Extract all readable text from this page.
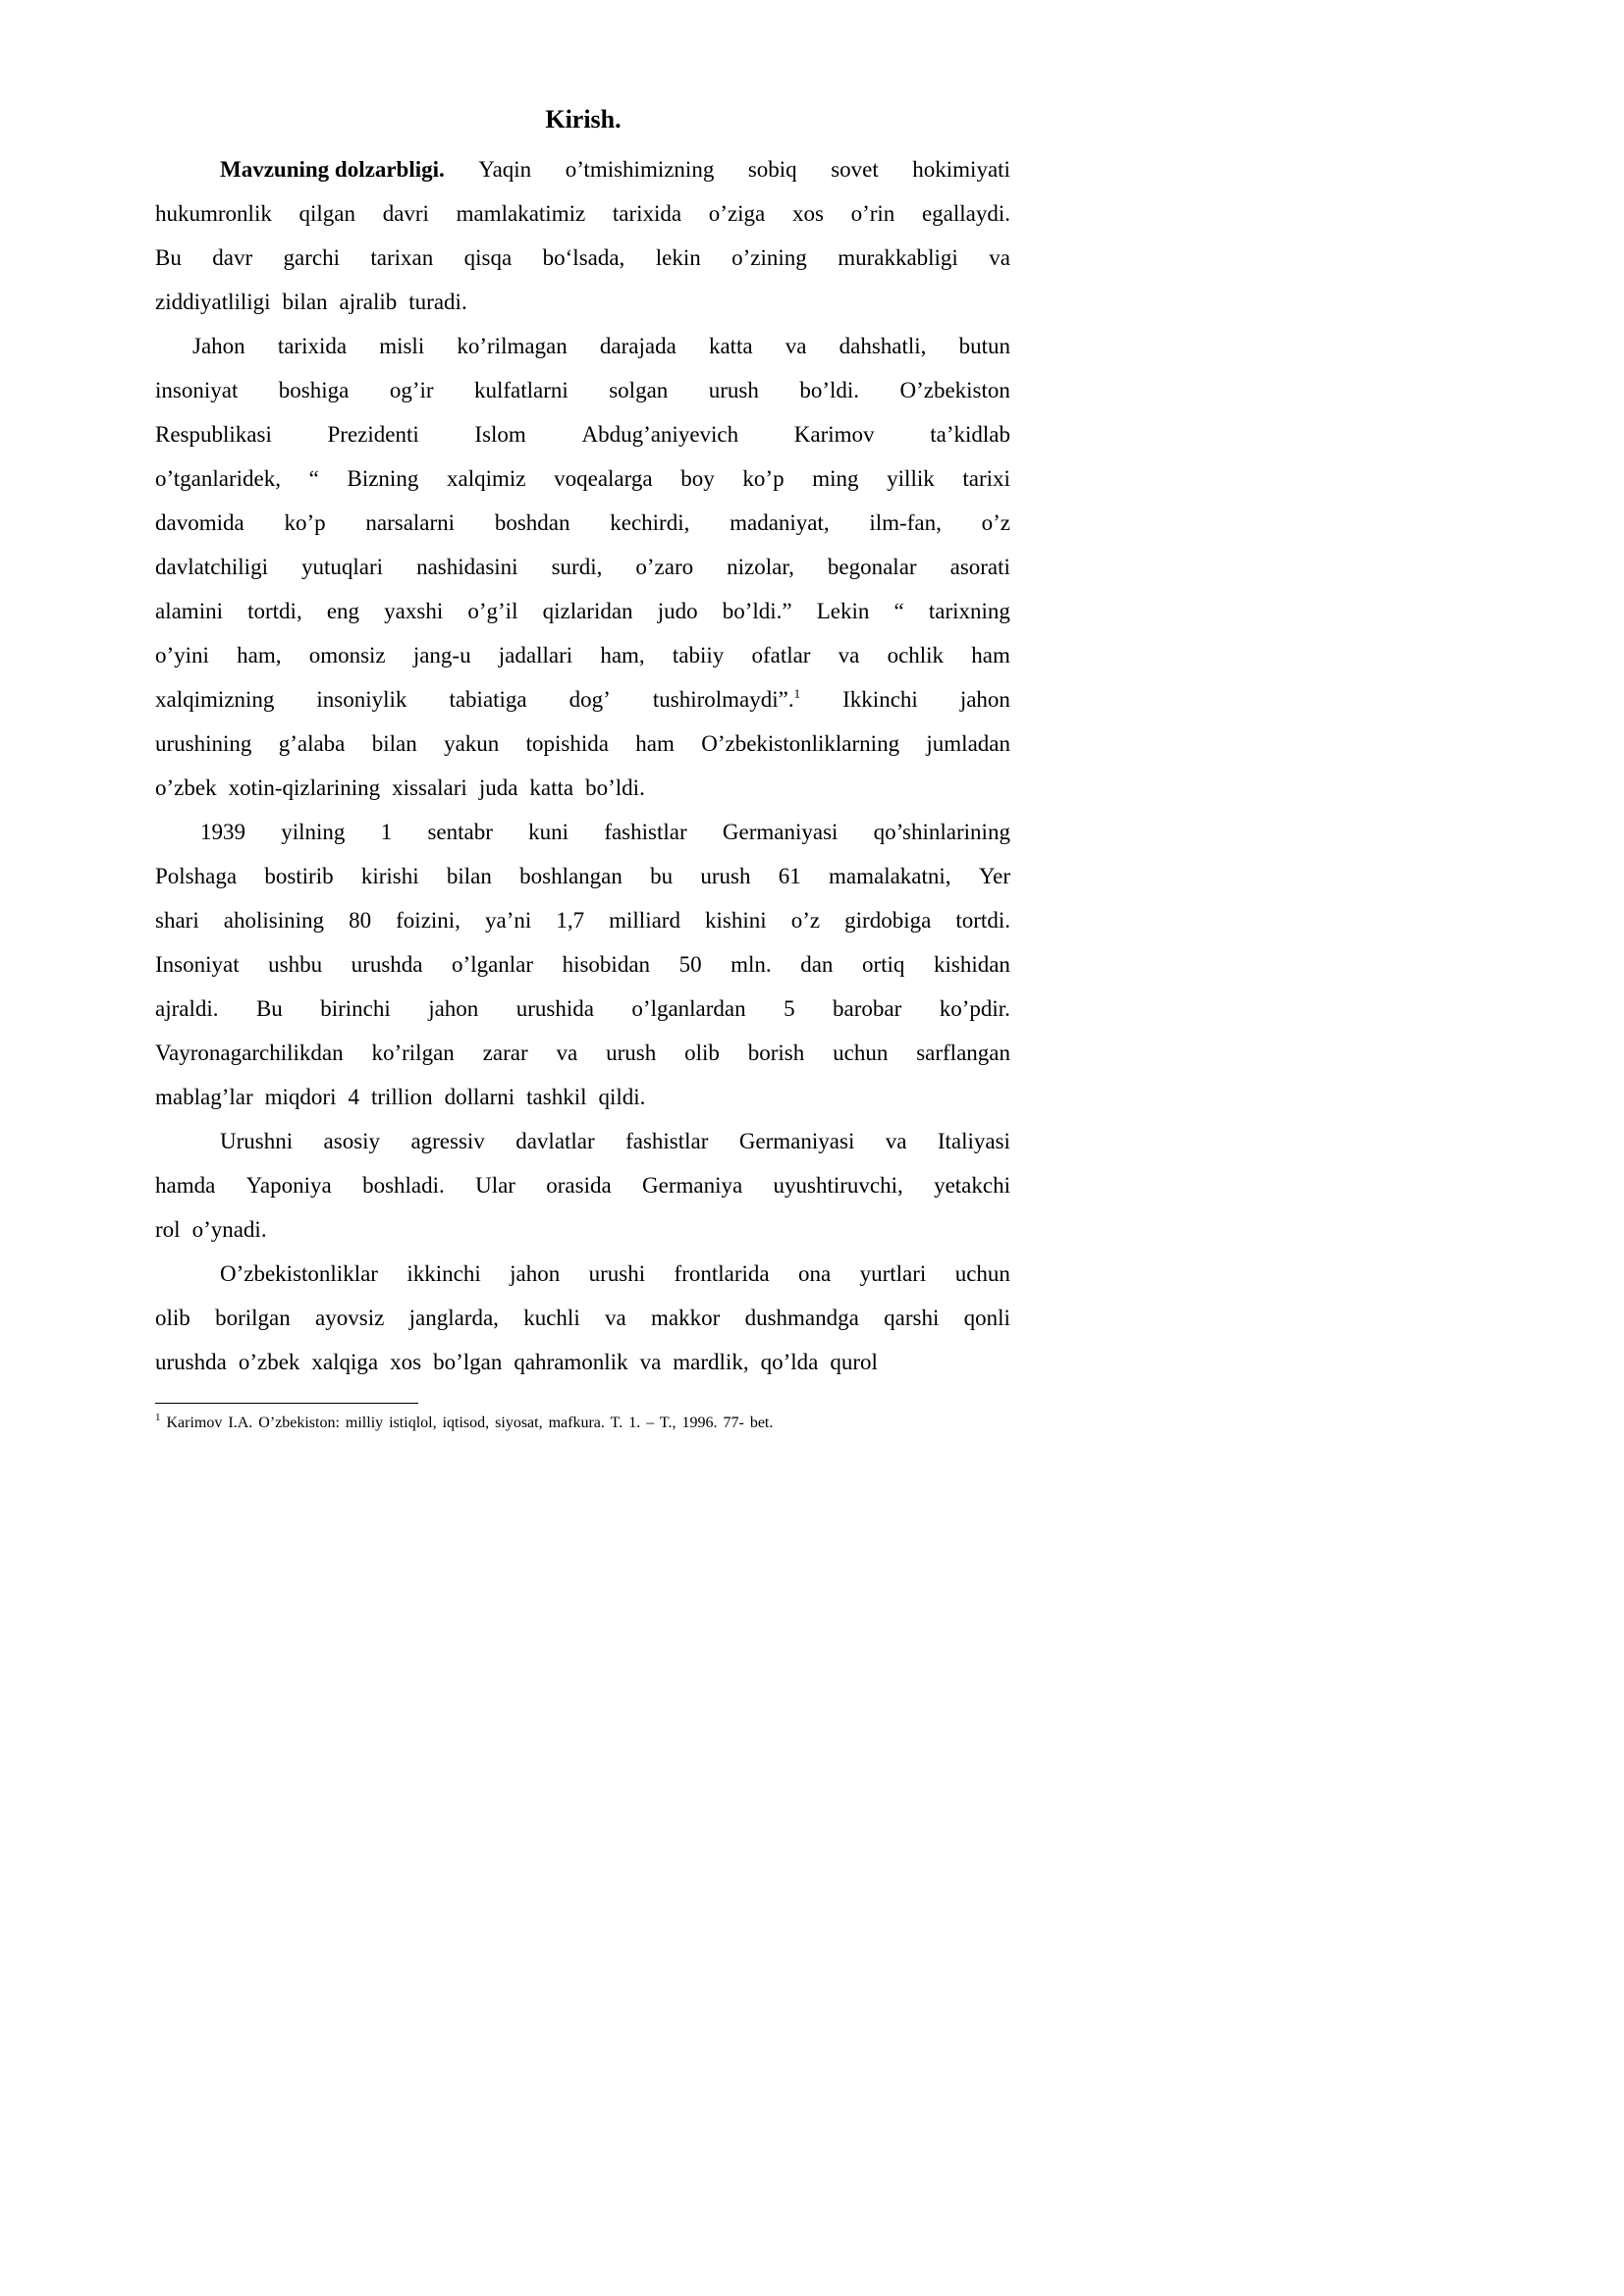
Kirish.
Mavzuning dolzarbligi. Yaqin o’tmishimizning sobiq sovet hokimiyati
hukumronlik qilgan davri mamlakatimiz tarixida o’ziga xos o’rin egallaydi.
Bu davr garchi tarixan qisqa bo‘lsada, lekin o’zining murakkabligi va
ziddiyatliligi bilan ajralib turadi.
Jahon tarixida misli ko’rilmagan darajada katta va dahshatli, butun
insoniyat boshiga og’ir kulfatlarni solgan urush bo’ldi. O’zbekiston
Respublikasi Prezidenti Islom Abdug’aniyevich Karimov ta’kidlab
o’tganlaridek, “ Bizning xalqimiz voqealarga boy ko’p ming yillik tarixi
davomida ko’p narsalarni boshdan kechirdi, madaniyat, ilm-fan, o’z
davlatchiligi yutuqlari nashidasini surdi, o’zaro nizolar, begonalar asorati
alamini tortdi, eng yaxshi o’g’il qizlaridan judo bo’ldi.” Lekin “ tarixning
o’yini ham, omonsiz jang-u jadallari ham, tabiiy ofatlar va ochlik ham
xalqimizning insoniylik tabiatiga dog’ tushirolmaydi”.$^1$ Ikkinchi jahon
urushining g’alaba bilan yakun topishida ham O’zbekistonliklarning jumladan
o’zbek xotin-qizlarining xissalari juda katta bo’ldi.
1939 yilning 1 sentabr kuni fashistlar Germaniyasi qo’shinlarining
Polshaga bostirib kirishi bilan boshlangan bu urush 61 mamalakatni, Yer
shari aholisining 80 foizini, ya’ni 1,7 milliard kishini o’z girdobiga tortdi.
Insoniyat ushbu urushda o’lganlar hisobidan 50 mln. dan ortiq kishidan
ajraldi. Bu birinchi jahon urushida o’lganlardan 5 barobar ko’pdir.
Vayronagarchilikdan ko’rilgan zarar va urush olib borish uchun sarflangan
mablag’lar miqdori 4 trillion dollarni tashkil qildi.
Urushni asosiy agressiv davlatlar fashistlar Germaniyasi va Italiyasi
hamda Yaponiya boshladi. Ular orasida Germaniya uyushtiruvchi, yetakchi
rol o’ynadi.
O’zbekistonliklar ikkinchi jahon urushi frontlarida ona yurtlari uchun
olib borilgan ayovsiz janglarda, kuchli va makkor dushmandga qarshi qonli
urushda o’zbek xalqiga xos bo’lgan qahramonlik va mardlik, qo’lda qurol
$^1$ Karimov I.A. O’zbekiston: milliy istiqlol, iqtisod, siyosat, mafkura. T. 1. – T., 1996. 77- bet.
